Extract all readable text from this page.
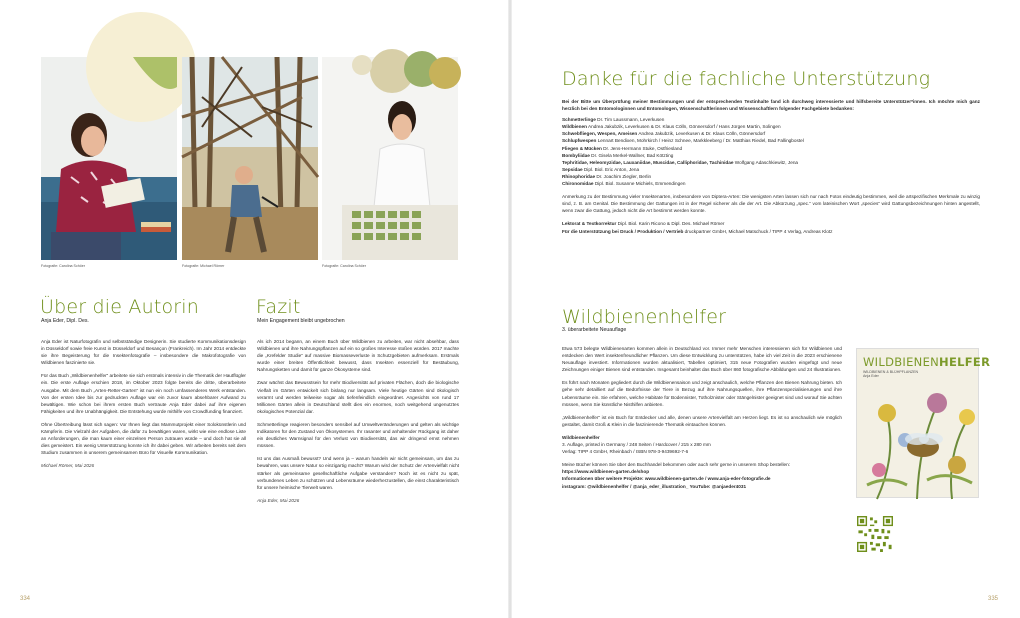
Fotografie: Carolina Schöer	Fotografie: Michael Römer	Fotografie: Carolina Schöer
Über die Autorin
Anja Eder, Dipl. Des.

Anja Eder ist Naturfotografin und selbstständige Designerin. Sie studierte Kommunikationsdesign in Düsseldorf sowie freie Kunst in Düsseldorf und Besançon (Frankreich). Im Jahr 2014 entdeckte sie ihre Begeisterung für die Insektenfotografie – insbesondere die Makrofotografie von Wildbienen faszinierte sie.

Für das Buch „Wildbienenhelfer“ arbeitete sie sich erstmals intensiv in die Thematik der Hautflügler ein. Die erste Auflage erschien 2018, im Oktober 2023 folgte bereits die dritte, überarbeitete Ausgabe. Mit dem Buch „Arten-Retter-Garten“ ist nun ein noch umfassenderes Werk entstanden. Von der ersten Idee bis zur gedruckten Auflage war ein zuvor kaum absehbarer Aufwand zu bewältigen. Wie schon bei ihrem ersten Buch vertraute Anja Eder dabei auf ihre eigenen Fähigkeiten und ihre Unabhängigkeit. Die Entstehung wurde mithilfe von Crowdfunding finanziert.

Ohne Übertreibung lässt sich sagen: Vor Ihnen liegt das Mammutprojekt einer Solokünstlerin und Kämpferin. Die Vielzahl der Aufgaben, die dafür zu bewältigen waren, wirkt wie eine endlose Liste an Anforderungen, die man kaum einer einzelnen Person zutrauen würde – und doch hat sie all dies gemeistert. Ein wenig Unterstützung konnte ich ihr dabei geben. Wir arbeiten bereits seit dem Studium zusammen in unserem gemeinsamen Büro für Visuelle Kommunikation.

Michael Römer, Mai 2026

Fazit
Mein Engagement bleibt ungebrochen

Als ich 2014 begann, an einem Buch über Wildbienen zu arbeiten, war nicht absehbar, dass Wildbienen und ihre Nahrungspflanzen auf ein so großes Interesse stoßen würden. 2017 machte die „Krefelder Studie“ auf massive Biomasseverluste in Schutzgebieten aufmerksam. Erstmals wurde einer breiten Öffentlichkeit bewusst, dass Insekten essenziell für Bestäubung, Nahrungsketten und damit für ganze Ökosysteme sind.

Zwar wächst das Bewusstsein für mehr Biodiversität auf privaten Flächen, doch die biologische Vielfalt im Gärten entwickelt sich bislang nur langsam. Viele heutige Gärten sind ökologisch verarmt und werden teilweise sogar als tiefenfeindlich eingeordnet. Angesichts von rund 17 Millionen Gärten allein in Deutschland stellt dies ein enormes, noch weitgehend ungenutztes ökologisches Potenzial dar.

Schmetterlinge reagieren besonders sensibel auf Umweltveränderungen und gelten als wichtige Indikatoren für den Zustand von Ökosystemen. Ihr rasanter und anhaltender Rückgang ist daher ein deutliches Warnsignal für den Verlust von Biodiversität, das wir dringend ernst nehmen müssen.

Ist uns das Ausmaß bewusst? Und wenn ja – warum handeln wir nicht gemeinsam, um das zu bewahren, was unsere Natur so einzigartig macht? Warum wird der Schutz der Artenvielfalt nicht stärker als gemeinsame gesellschaftliche Aufgabe verstanden? Noch ist es nicht zu spät, verbundenes Leben zu schützen und Lebensräume wiederherzustellen, die einst charakteristisch für unsere heimische Tierwelt waren.

Anja Eder, Mai 2026

Danke für die fachliche Unterstützung

Bei der Bitte um Überprüfung meiner Bestimmungen und der entsprechenden Textinhalte fand ich durchweg interessierte und hilfsbereite Unterstützer*innen. Ich möchte mich ganz herzlich bei den Entomologinnen und Entomologen, Wissenschaftlerinnen und Wissenschaftlern folgender Fachgebiete bedanken:

Schmetterlinge Dr. Tim Laussmann, Leverkusen
Wildbienen Andrea Jakubzik, Leverkusen & Dr. Klaus Cölln, Gönnersdorf / Hans Jürgen Martin, Solingen
Schwebfliegen, Wespen, Ameisen Andrea Jakubzik, Leverkusen & Dr. Klaus Cölln, Gönnersdorf
Schlupfwespen Lennart Bendixen, Mohrkirch / Heinz Schnee, Markkleeberg / Dr. Matthias Riedel, Bad Fallingbostel
Fliegen & Mücken Dr. Jens-Hermann Stuke, Ostfriesland
Bombyliidae Dr. Gisela Merkel-Wallner, Bad Kötzting
Tephritidae, Heleomyzidae, Lauxaniidae, Muscidae, Calliphoridae, Tachinidae Wolfgang Adaschkiewitz, Jena
Sepsidae Dipl. Biol. Eric Anton, Jena
Rhinophoridae Dr. Joachim Ziegler, Berlin
Chironomidae Dipl. Biol. Susanne Michiels, Emmendingen

Anmerkung zu der Bestimmung vieler Insektenarten, insbesondere von Diptera-Arten: Die wenigsten Arten lassen sich nur nach Fotos eindeutig bestimmen, weil die artspezifischen Merkmale zu winzig sind, z. B. am Genital. Die Bestimmung der Gattungen ist in der Regel sicherer als die der Art. Die Abkürzung „spec.“ vom lateinischen Wort „species“ wird Gattungsbezeichnungen hinten angestellt, wenn zwar die Gattung, jedoch nicht die Art bestimmt werden konnte.

Lektorat & Textkorrektur Dipl. Biol. Karin Ricono & Dipl. Des. Michael Römer
Für die Unterstützung bei Druck / Produktion / Vertrieb druckpartner GmbH, Michael Matschuck / TIPP 4 Verlag, Andreas Klotz
Wildbienenhelfer
3. überarbeitete Neuauflage

Etwa 573 belegte Wildbienenarten kommen allein in Deutschland vor. Immer mehr Menschen interessieren sich für Wildbienen und entdecken den Wert insektenfreundlicher Pflanzen. Um diese Entwicklung zu unterstützen, habe ich viel Zeit in die 2023 erschienene Neuauflage investiert. Informationen wurden aktualisiert, Tabellen optimiert, 315 neue Fotografien wurden eingefügt und neue Zeichnungen einiger Bienen sind entstanden. Insgesamt beinhaltet das Buch über 860 fotografische Abbildungen und 24 Illustrationen.

Es führt nach Monaten gegliedert durch die Wildbienensaison und zeigt anschaulich, welche Pflanzen den Bienen Nahrung bieten. Ich gehe sehr detailliert auf die Bedürfnisse der Tiere in Bezug auf ihre Nahrungsquellen, ihre Pflanzenspezialisierungen und ihre Lebensräume ein. Sie erfahren, welche Habitate für Bodennister, Totholznister oder Stängelnister geeignet sind und worauf Sie achten müssen, wenn Sie künstliche Nisthilfen anbieten.

„Wildbienenhelfer“ ist ein Buch für Entdecker und alle, denen unsere Artenvielfalt am Herzen liegt. Es ist so anschaulich wie möglich gestaltet, damit Groß & Klein in die faszinierende Thematik eintauchen können.

Wildbienenhelfer
3. Auflage, printed in Germany / 248 Seiten / Hardcover / 215 x 280 mm
Verlag: TIPP 4 GmbH, Rheinbach / ISBN 978-3-9439692-7-6
Meine Bücher können Sie über den Buchhandel bekommen oder auch sehr gerne in unserem Shop bestellen:
https://www.wildbienen-garten.de/shop
Informationen über weitere Projekte: www.wildbienen-garten.de / www.anja-eder-fotografie.de
instagram: @wildbienenhelfer / @anja_eder_illustration_ YouTube: @anjaeder4031
WILDBIENENHELFER
WILDBIENEN & BLÜHPFLANZEN
Anja Eder
334	335
